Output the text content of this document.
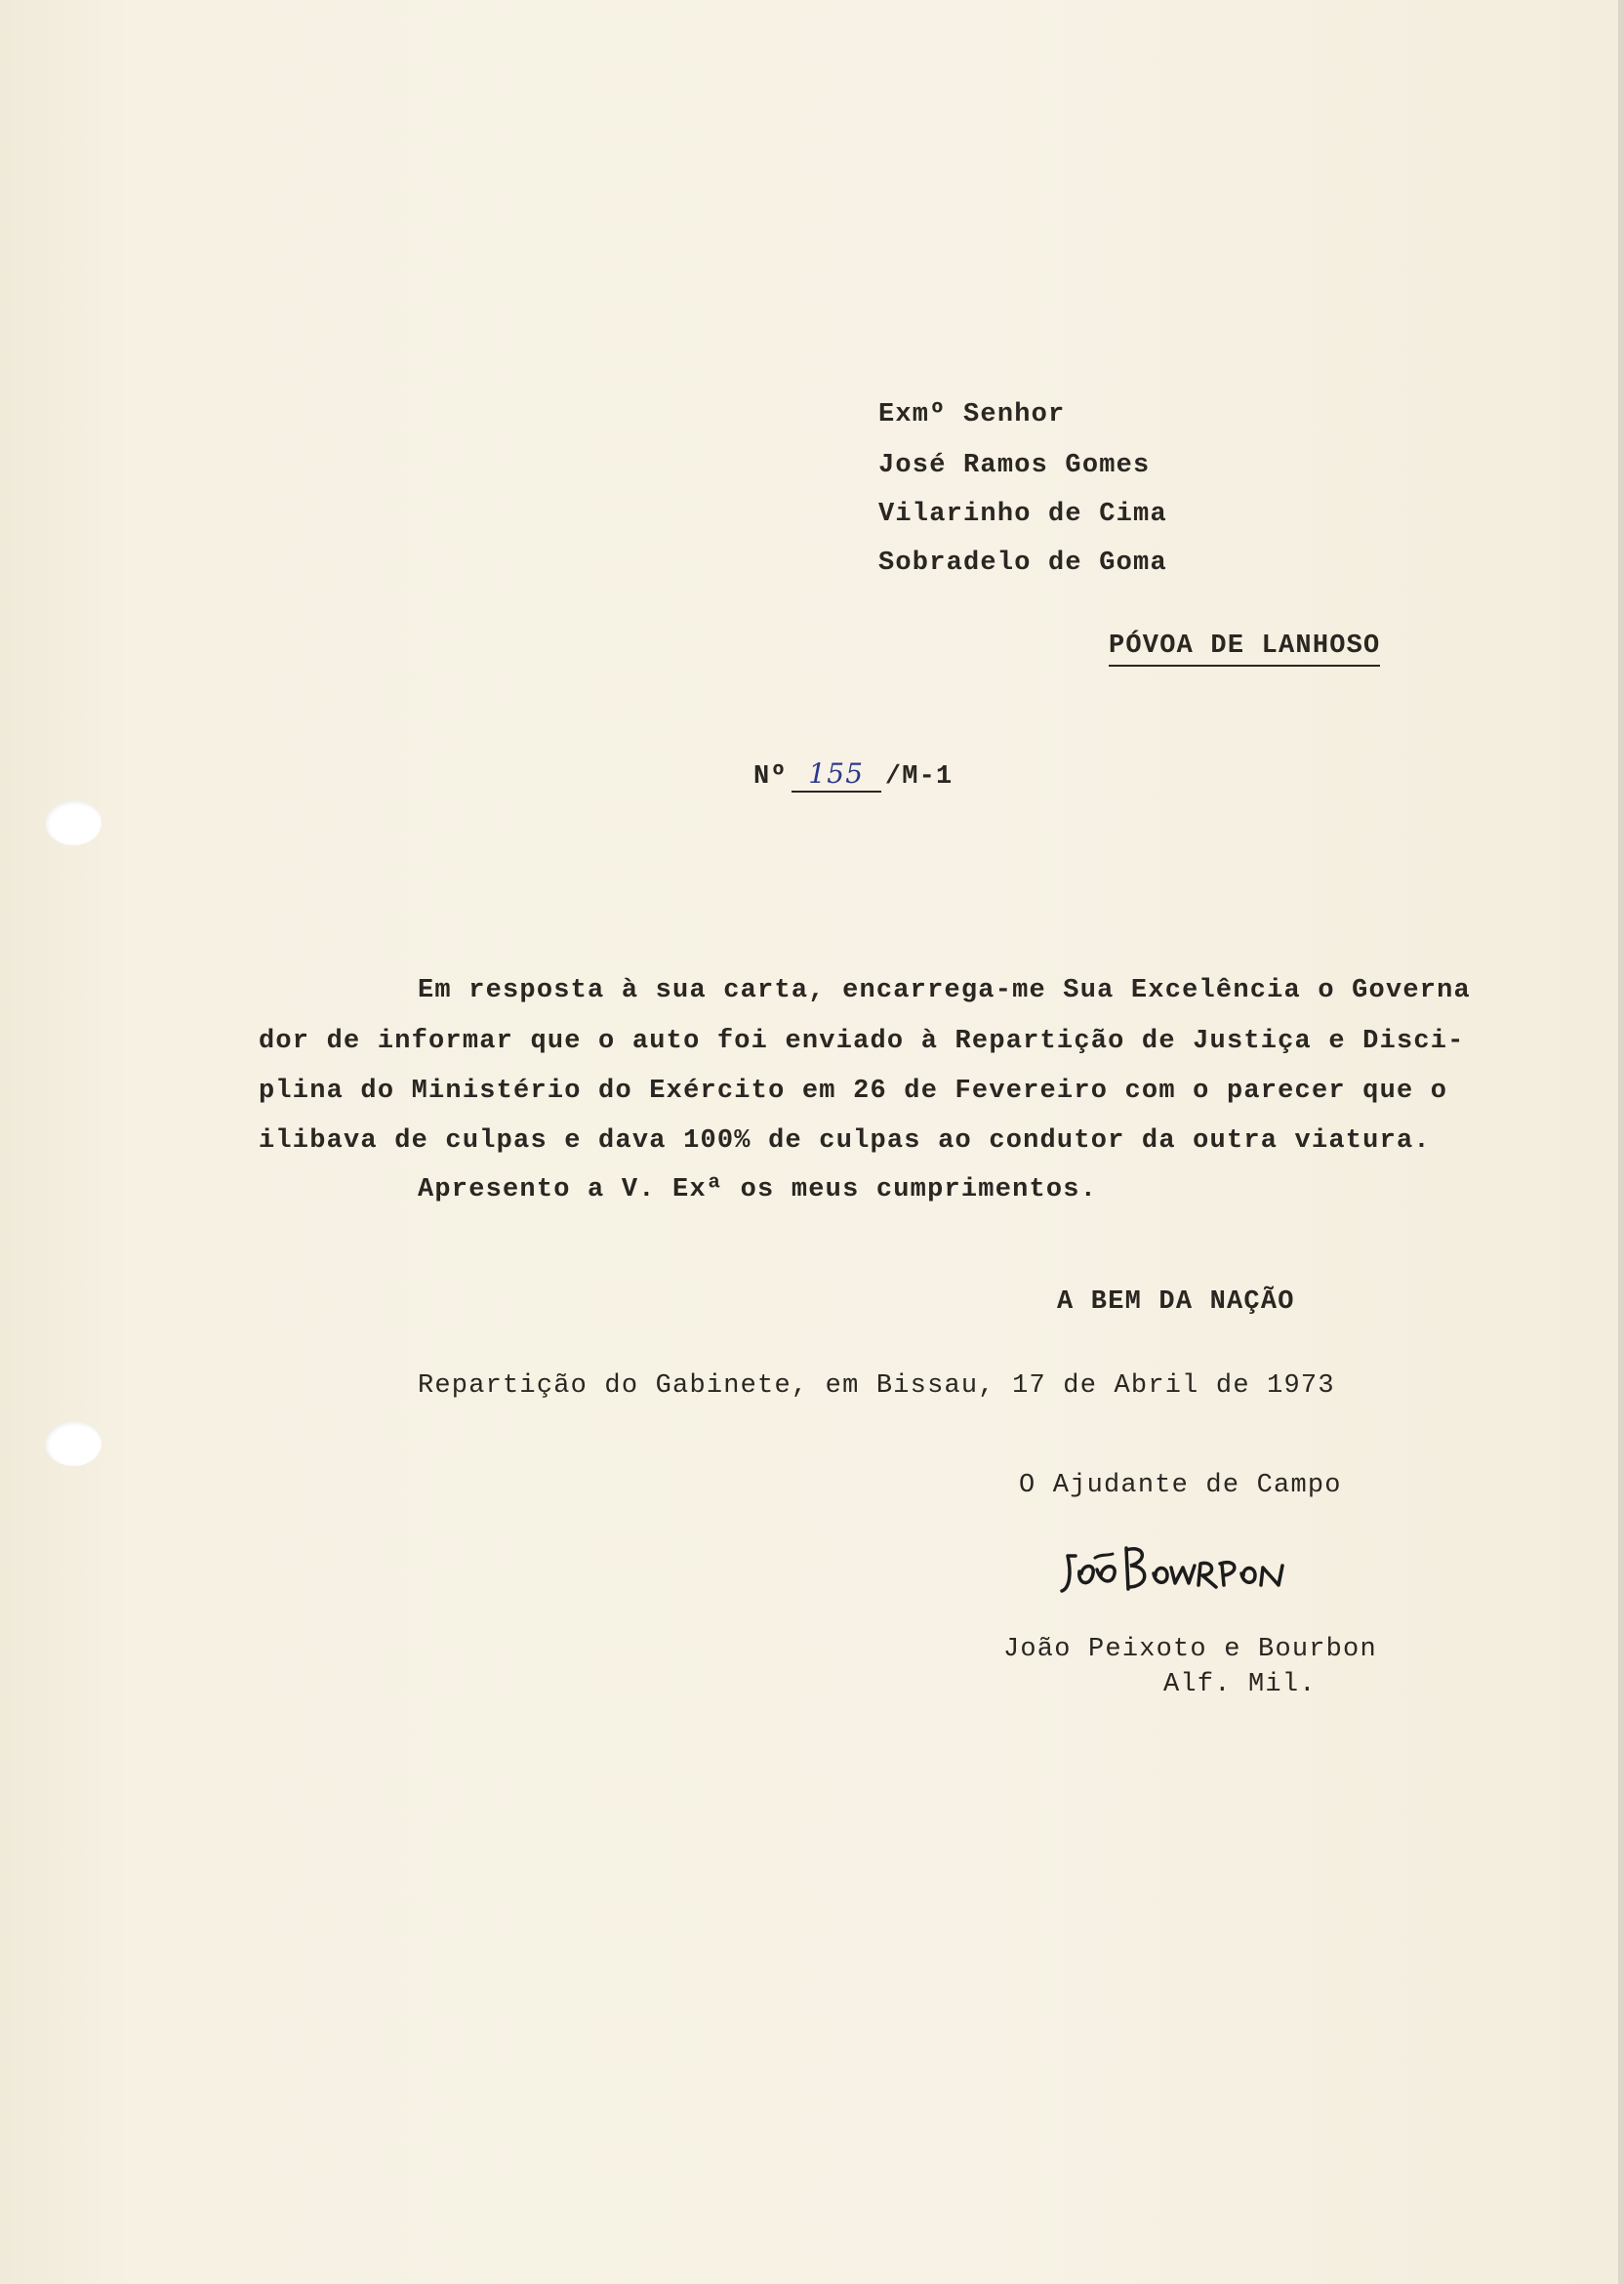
Exmº Senhor
José Ramos Gomes
Vilarinho de Cima
Sobradelo de Goma
PÓVOA DE LANHOSO
Nº 155 /M-1
Em resposta à sua carta, encarrega-me Sua Excelência o Governa
dor de informar que o auto foi enviado à Repartição de Justiça e Disci-
plina do Ministério do Exército em 26 de Fevereiro com o parecer que o
ilibava de culpas e dava 100% de culpas ao condutor da outra viatura.
Apresento a V. Exª os meus cumprimentos.
A BEM DA NAÇÃO
Repartição do Gabinete, em Bissau, 17 de Abril de 1973
O Ajudante de Campo
João Peixoto e Bourbon
Alf. Mil.
